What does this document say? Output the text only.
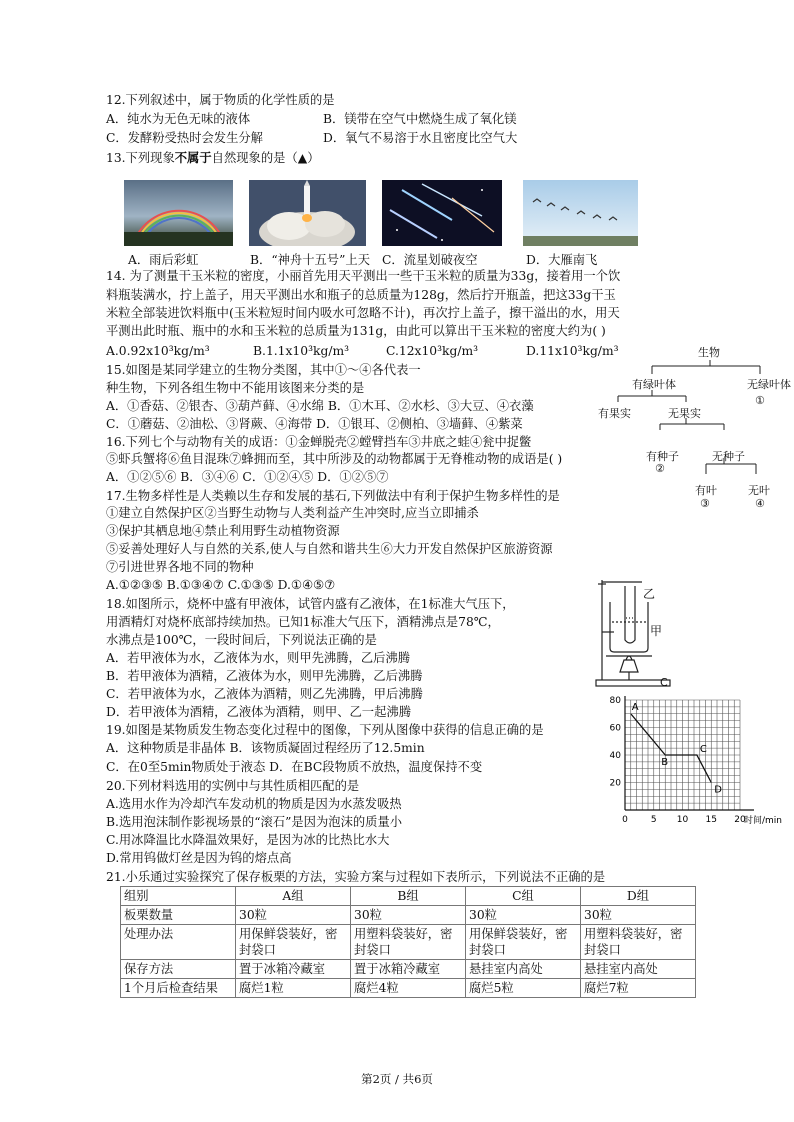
12.下列叙述中，属于物质的化学性质的是
A．纯水为无色无味的液体	B．镁带在空气中燃烧生成了氧化镁
C．发酵粉受热时会发生分解	D．氧气不易溶于水且密度比空气大
13.下列现象不属于自然现象的是（▲）
A．雨后彩虹	B．“神舟十五号”上天 C．流星划破夜空	D．大雁南飞
14. 为了测量干玉米粒的密度，小丽首先用天平测出一些干玉米粒的质量为33g，接着用一个饮
料瓶装满水，拧上盖子，用天平测出水和瓶子的总质量为128g，然后拧开瓶盖，把这33g干玉
米粒全部装进饮料瓶中(玉米粒短时间内吸水可忽略不计)，再次拧上盖子，擦干溢出的水，用天
平测出此时瓶、瓶中的水和玉米粒的总质量为131g，由此可以算出干玉米粒的密度大约为( )
A.0.92x10³kg/m³	B.1.1x10³kg/m³	C.12x10³kg/m³	D.11x10³kg/m³
15.如图是某同学建立的生物分类图，其中①～④各代表一
种生物，下列各组生物中不能用该图来分类的是
A．①香菇、②银杏、③葫芦藓、④水绵 B．①木耳、②水杉、③大豆、④衣藻
C．①蘑菇、②油松、③肾蕨、④海带 D．①银耳、②侧柏、③墙藓、④紫菜
生物
有绿叶体	无绿叶体
①
有果实	无果实
有种子
②
无种子
有叶
③
无叶
④
16.下列七个与动物有关的成语：①金蝉脱壳②螳臂挡车③井底之蛙④瓮中捉鳖
⑤虾兵蟹将⑥鱼目混珠⑦蜂拥而至，其中所涉及的动物都属于无脊椎动物的成语是( )
A．①②⑤⑥ B．③④⑥ C．①②④⑤ D．①②⑤⑦
17.生物多样性是人类赖以生存和发展的基石,下列做法中有利于保护生物多样性的是
①建立自然保护区②当野生动物与人类利益产生冲突时,应当立即捕杀
③保护其栖息地④禁止利用野生动植物资源
⑤妥善处理好人与自然的关系,使人与自然和谐共生⑥大力开发自然保护区旅游资源
⑦引进世界各地不同的物种
A.①②③⑤ B.①③④⑦ C.①③⑤ D.①④⑤⑦
乙
甲
18.如图所示，烧杯中盛有甲液体，试管内盛有乙液体，在1标准大气压下，
用酒精灯对烧杯底部持续加热。已知1标准大气压下，酒精沸点是78℃，
水沸点是100℃，一段时间后，下列说法正确的是
A．若甲液体为水，乙液体为水，则甲先沸腾，乙后沸腾
B．若甲液体为酒精，乙液体为水，则甲先沸腾，乙后沸腾
C．若甲液体为水，乙液体为酒精，则乙先沸腾，甲后沸腾
D．若甲液体为酒精，乙液体为酒精，则甲、乙一起沸腾
C
0	5 10 15 20
20
40
60
80
时间/min
A
B
C
D
19.如图是某物质发生物态变化过程中的图像，下列从图像中获得的信息正确的是
A．这种物质是非晶体 B．该物质凝固过程经历了12.5min
C．在0至5min物质处于液态 D．在BC段物质不放热，温度保持不变
20.下列材料选用的实例中与其性质相匹配的是
A.选用水作为冷却汽车发动机的物质是因为水蒸发吸热
B.选用泡沫制作影视场景的“滚石”是因为泡沫的质量小
C.用冰降温比水降温效果好，是因为冰的比热比水大
D.常用钨做灯丝是因为钨的熔点高
21.小乐通过实验探究了保存板栗的方法，实验方案与过程如下表所示，下列说法不正确的是
组别	A组	B组	C组	D组
板栗数量	30粒	30粒	30粒	30粒
处理办法	用保鲜袋装好，密封袋口	用塑料袋装好，密封袋口	用保鲜袋装好，密封袋口	用塑料袋装好，密封袋口
保存方法	置于冰箱冷藏室	置于冰箱冷藏室	悬挂室内高处	悬挂室内高处
1个月后检查结果	腐烂1粒	腐烂4粒	腐烂5粒	腐烂7粒
第2页 / 共6页
